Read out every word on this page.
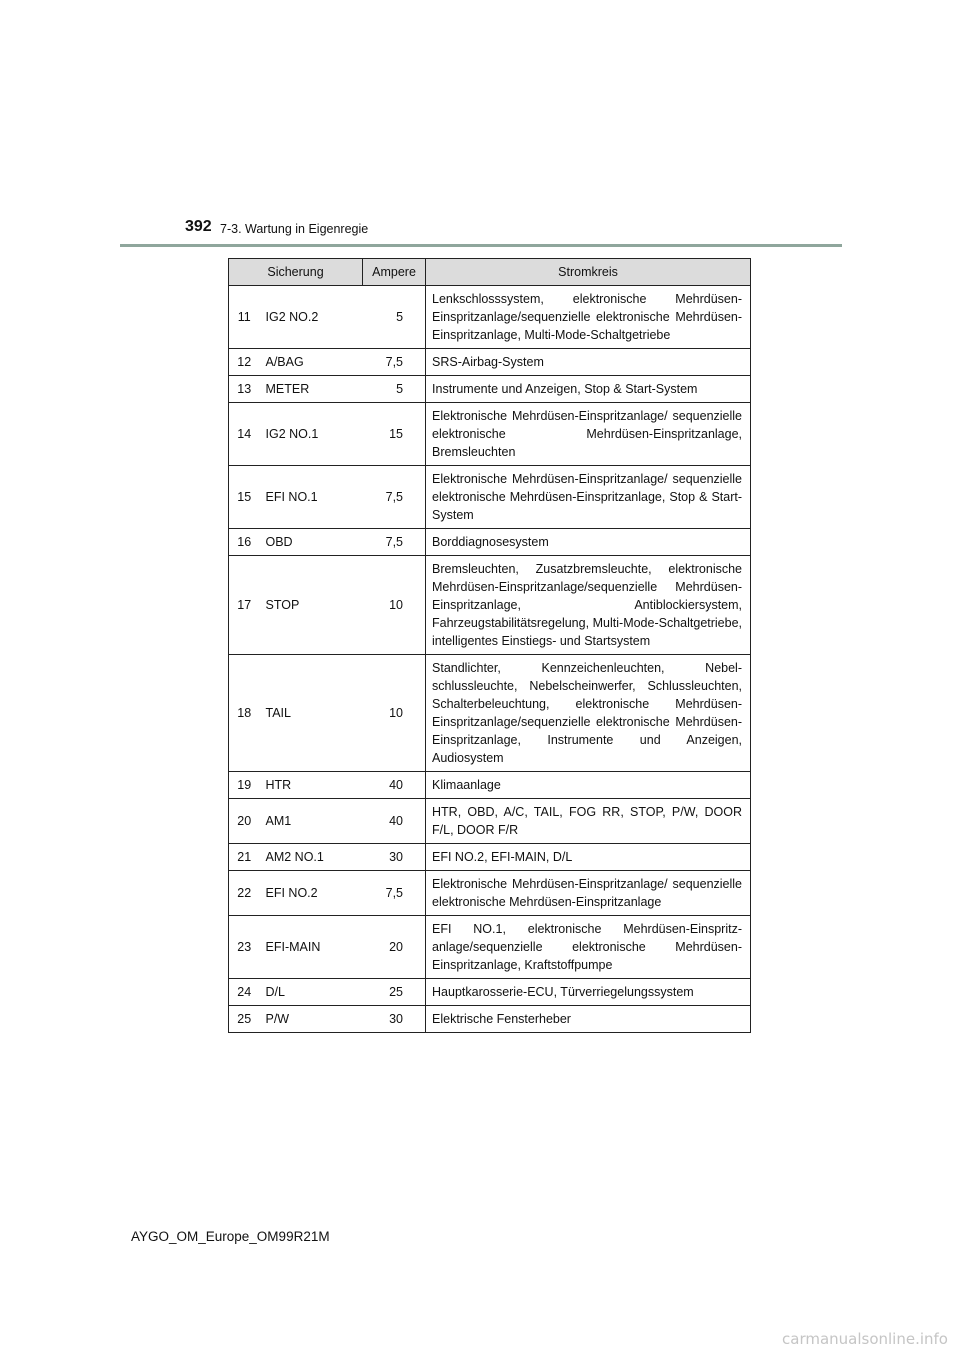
392 7-3. Wartung in Eigenregie
Sicherung		Ampere	Stromkreis
11	IG2 NO.2	5	Lenkschlosssystem, elektronische Mehrdüsen-Einspritzanlage/sequenzielle elektronische Mehrdüsen-Einspritzanlage, Multi-Mode-Schaltgetriebe
12	A/BAG	7,5	SRS-Airbag-System
13	METER	5	Instrumente und Anzeigen, Stop & Start-System
14	IG2 NO.1	15	Elektronische Mehrdüsen-Einspritzanlage/ sequenzielle elektronische Mehrdüsen-Einspritzanlage, Bremsleuchten
15	EFI NO.1	7,5	Elektronische Mehrdüsen-Einspritzanlage/ sequenzielle elektronische Mehrdüsen-Einspritzanlage, Stop & Start-System
16	OBD	7,5	Borddiagnosesystem
17	STOP	10	Bremsleuchten, Zusatzbremsleuchte, elektronische Mehrdüsen-Einspritzanlage/sequenzielle Mehrdüsen-Einspritzanlage, Antiblockiersystem, Fahrzeugstabilitätsregelung, Multi-Mode-Schaltgetriebe, intelligentes Einstiegs- und Startsystem
18	TAIL	10	Standlichter, Kennzeichenleuchten, Nebelschlussleuchte, Nebelscheinwerfer, Schlussleuchten, Schalterbeleuchtung, elektronische Mehrdüsen-Einspritzanlage/sequenzielle elektronische Mehrdüsen-Einspritzanlage, Instrumente und Anzeigen, Audiosystem
19	HTR	40	Klimaanlage
20	AM1	40	HTR, OBD, A/C, TAIL, FOG RR, STOP, P/W, DOOR F/L, DOOR F/R
21	AM2 NO.1	30	EFI NO.2, EFI-MAIN, D/L
22	EFI NO.2	7,5	Elektronische Mehrdüsen-Einspritzanlage/ sequenzielle elektronische Mehrdüsen-Einspritzanlage
23	EFI-MAIN	20	EFI NO.1, elektronische Mehrdüsen-Einspritzanlage/sequenzielle elektronische Mehrdüsen-Einspritzanlage, Kraftstoffpumpe
24	D/L	25	Hauptkarosserie-ECU, Türverriegelungssystem
25	P/W	30	Elektrische Fensterheber
AYGO_OM_Europe_OM99R21M
carmanualsonline.info
